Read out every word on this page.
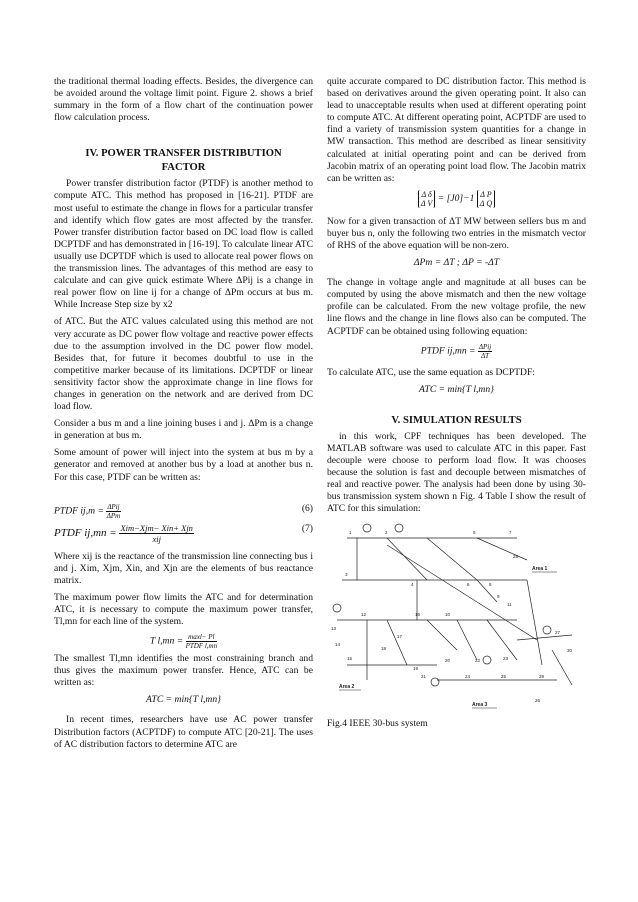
the traditional thermal loading effects. Besides, the divergence can be avoided around the voltage limit point. Figure 2. shows a brief summary in the form of a flow chart of the continuation power flow calculation process.

IV. POWER TRANSFER DISTRIBUTION
FACTOR

Power transfer distribution factor (PTDF) is another method to compute ATC. This method has proposed in [16-21]. PTDF are most useful to estimate the change in flows for a particular transfer and identify which flow gates are most affected by the transfer. Power transfer distribution factor based on DC load flow is called DCPTDF and has demonstrated in [16-19]. To calculate linear ATC usually use DCPTDF which is used to allocate real power flows on the transmission lines. The advantages of this method are easy to calculate and can give quick estimate Where ΔPij is a change in real power flow on line ij for a change of ΔPm occurs at bus m. While Increase Step size by x2

of ATC. But the ATC values calculated using this method are not very accurate as DC power flow voltage and reactive power effects due to the assumption involved in the DC power flow model. Besides that, for future it becomes doubtful to use in the competitive marker because of its limitations. DCPTDF or linear sensitivity factor show the approximate change in line flows for changes in generation on the network and are derived from DC load flow.

Consider a bus m and a line joining buses i and j. ΔPm is a change in generation at bus m.

Some amount of power will inject into the system at bus m by a generator and removed at another bus by a load at another bus n. For this case, PTDF can be written as:

PTDF $ij,m = \frac{\text{ΔPij}}{\text{ΔPm}}$	(6)
PTDF $ij,mn = \frac{\text{Xim−Xjm− Xin+ Xjn}}{\text{xij}}$	(7)

Where xij is the reactance of the transmission line connecting bus i and j. Xim, Xjm, Xin, and Xjn are the elements of bus reactance matrix.

The maximum power flow limits the ATC and for determination ATC, it is necessary to compute the maximum power transfer, Tl,mn for each line of the system.

T $l,mn = \frac{\max l- Pl}{\text{PTDF l,mn}}$

The smallest Tl,mn identifies the most constraining branch and thus gives the maximum power transfer. Hence, ATC can be written as:

ATC = min{T l,mn}

In recent times, researchers have use AC power transfer Distribution factors (ACPTDF) to compute ATC [20-21]. The uses of AC distribution factors to determine ATC are

quite accurate compared to DC distribution factor. This method is based on derivatives around the given operating point. It also can lead to unacceptable results when used at different operating point to compute ATC. At different operating point, ACPTDF are used to find a variety of transmission system quantities for a change in MW transaction. This method are described as linear sensitivity calculated at initial operating point and can be derived from Jacobin matrix of an operating point load flow. The Jacobin matrix can be written as:

Δ δ
Δ V = [J0]−1 Δ P
Δ Q

Now for a given transaction of ΔT MW between sellers bus m and buyer bus n, only the following two entries in the mismatch vector of RHS of the above equation will be non-zero.

ΔPm = ΔT ; ΔP = -ΔT

The change in voltage angle and magnitude at all buses can be computed by using the above mismatch and then the new voltage profile can be calculated. From the new voltage profile, the new line flows and the change in line flows also can be computed. The ACPTDF can be obtained using following equation:

PTDF $ij,mn = \frac{\text{ΔPij}}{\Delta T}$

To calculate ATC, use the same equation as DCPTDF:

ATC = min{T l,mn}
V. SIMULATION RESULTS

in this work, CPF techniques has been developed. The MATLAB software was used to calculate ATC in this paper. Fast decouple were choose to perform load flow. It was chooses because the solution is fast and decouple between mismatches of real and reactive power. The analysis had been done by using 30-bus transmission system shown n Fig. 4 Table I show the result of ATC for this simulation:

1	2
3
4
5
6
7
8
9
10
11
12
13
14
15
16
17
18
19
20
21
22	23
24	25
26
27
28
29
30
Area 1
Area 2
Area 3
Fig.4 IEEE 30-bus system
